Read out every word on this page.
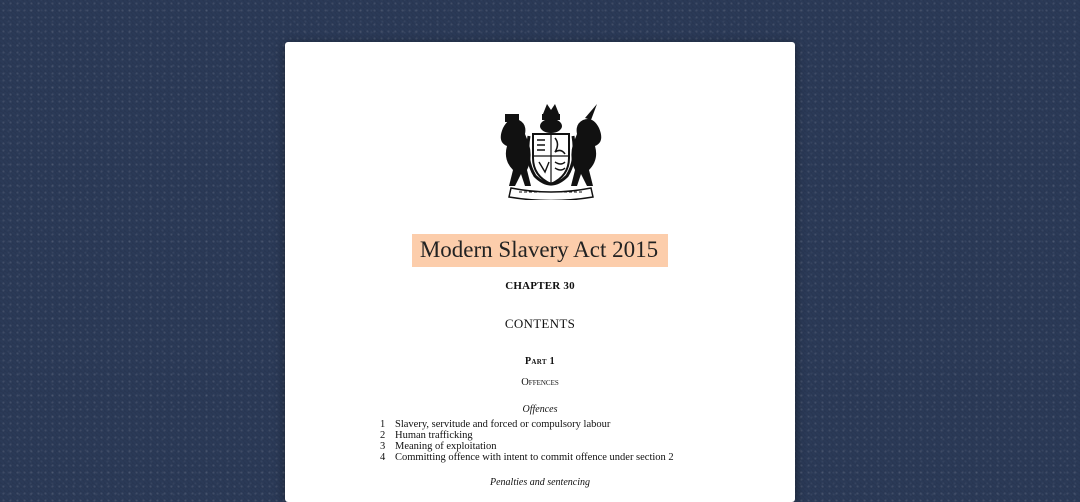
Modern Slavery Act 2015
CHAPTER 30
CONTENTS
Part 1
Offences
Offences
1 Slavery, servitude and forced or compulsory labour
2 Human trafficking
3 Meaning of exploitation
4 Committing offence with intent to commit offence under section 2
Penalties and sentencing
